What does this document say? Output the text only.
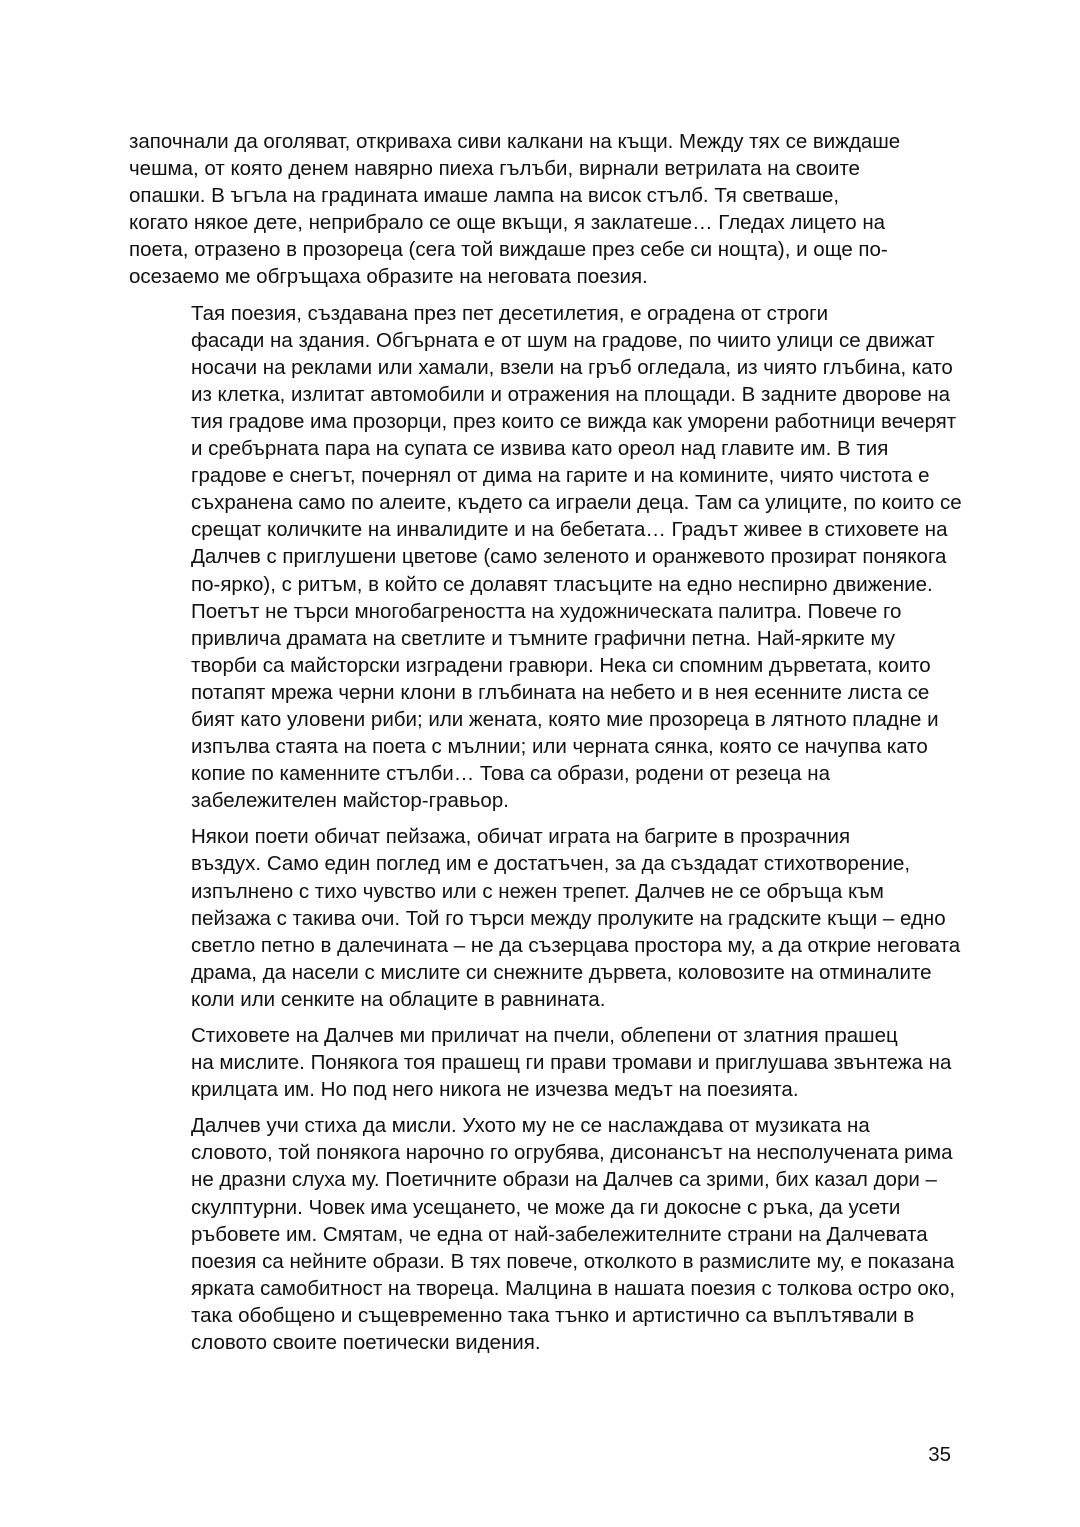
започнали да оголяват, откриваха сиви калкани на къщи. Между тях се виждаше
чешма, от която денем навярно пиеха гълъби, вирнали ветрилата на своите
опашки. В ъгъла на градината имаше лампа на висок стълб. Тя светваше,
когато някое дете, неприбрало се още вкъщи, я заклатеше… Гледах лицето на
поета, отразено в прозореца (сега той виждаше през себе си нощта), и още по-
осезаемо ме обгръщаха образите на неговата поезия.

Тая поезия, създавана през пет десетилетия, е оградена от строги
фасади на здания. Обгърната е от шум на градове, по чиито улици се движат
носачи на реклами или хамали, взели на гръб огледала, из чиято глъбина, като
из клетка, излитат автомобили и отражения на площади. В задните дворове на
тия градове има прозорци, през които се вижда как уморени работници вечерят
и сребърната пара на супата се извива като ореол над главите им. В тия
градове е снегът, почернял от дима на гарите и на комините, чиято чистота е
съхранена само по алеите, където са играели деца. Там са улиците, по които се
срещат количките на инвалидите и на бебетата… Градът живее в стиховете на
Далчев с приглушени цветове (само зеленото и оранжевото прозират понякога
по-ярко), с ритъм, в който се долавят тласъците на едно неспирно движение.
Поетът не търси многобагреността на художническата палитра. Повече го
привлича драмата на светлите и тъмните графични петна. Най-ярките му
творби са майсторски изградени гравюри. Нека си спомним дърветата, които
потапят мрежа черни клони в глъбината на небето и в нея есенните листа се
бият като уловени риби; или жената, която мие прозореца в лятното пладне и
изпълва стаята на поета с мълнии; или черната сянка, която се начупва като
копие по каменните стълби… Това са образи, родени от резеца на
забележителен майстор-гравьор.

Някои поети обичат пейзажа, обичат играта на багрите в прозрачния
въздух. Само един поглед им е достатъчен, за да създадат стихотворение,
изпълнено с тихо чувство или с нежен трепет. Далчев не се обръща към
пейзажа с такива очи. Той го търси между пролуките на градските къщи – едно
светло петно в далечината – не да съзерцава простора му, а да открие неговата
драма, да насели с мислите си снежните дървета, коловозите на отминалите
коли или сенките на облаците в равнината.

Стиховете на Далчев ми приличат на пчели, облепени от златния прашец
на мислите. Понякога тоя прашещ ги прави тромави и приглушава звънтежа на
крилцата им. Но под него никога не изчезва медът на поезията.

Далчев учи стиха да мисли. Ухото му не се наслаждава от музиката на
словото, той понякога нарочно го огрубява, дисонансът на несполучената рима
не дразни слуха му. Поетичните образи на Далчев са зрими, бих казал дори –
скулптурни. Човек има усещането, че може да ги докосне с ръка, да усети
ръбовете им. Смятам, че една от най-забележителните страни на Далчевата
поезия са нейните образи. В тях повече, отколкото в размислите му, е показана
ярката самобитност на твореца. Малцина в нашата поезия с толкова остро око,
така обобщено и същевременно така тънко и артистично са въплътявали в
словото своите поетически видения.

35
